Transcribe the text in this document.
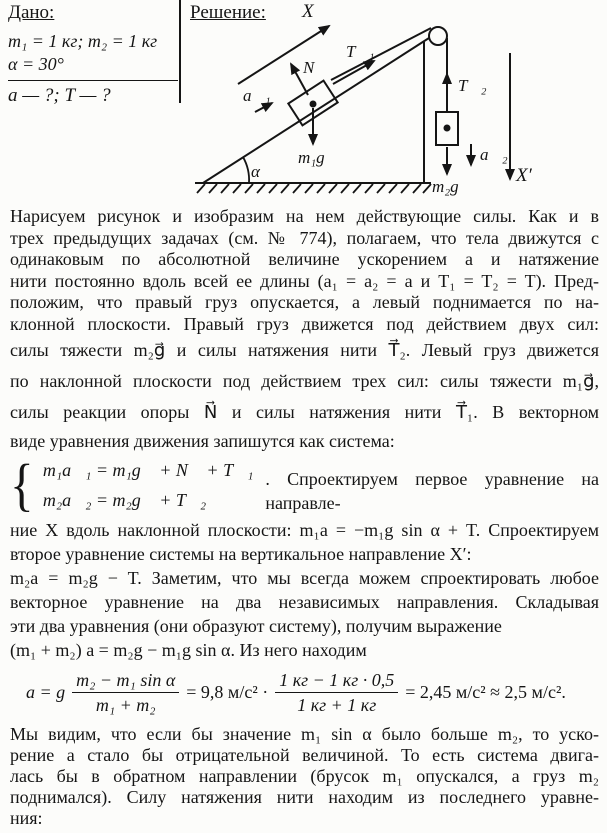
Дано:
m₁ = 1 кг; m₂ = 1 кг
α = 30°
a — ?; T — ?
Решение:
α
X
a⃗₁
N⃗
T⃗₁
m₁g⃗
T⃗₂
m₂g⃗
a⃗₂
X′
Нарисуем рисунок и изобразим на нем действующие силы. Как и в
трех предыдущих задачах (см. № 774), полагаем, что тела движутся с
одинаковым по абсолютной величине ускорением a и натяжение
нити постоянно вдоль всей ее длины (a₁ = a₂ = a и T₁ = T₂ = T). Пред-
положим, что правый груз опускается, а левый поднимается по на-
клонной плоскости. Правый груз движется под действием двух сил:
силы тяжести m₂g⃗ и силы натяжения нити T⃗₂. Левый груз движется
по наклонной плоскости под действием трех сил: силы тяжести m₁g⃗,
силы реакции опоры N⃗ и силы натяжения нити T⃗₁. В векторном
виде уравнения движения запишутся как система:
{ m₁a⃗₁ = m₁g⃗ + N⃗ + T⃗₁
m₂a⃗₂ = m₂g⃗ + T⃗₂
. Спроектируем первое уравнение на направле-
ние X вдоль наклонной плоскости: m₁a = −m₁g sin α + T. Спроектируем
второе уравнение системы на вертикальное направление X′:
m₂a = m₂g − T. Заметим, что мы всегда можем спроектировать любое
векторное уравнение на два независимых направления. Складывая
эти два уравнения (они образуют систему), получим выражение
(m₁ + m₂) a = m₂g − m₁g sin α. Из него находим
a = g $\frac{\text{m₂ − m₁ sin α}}{\text{m₁ + m₂}} = 9,8$ $м/с^2 \cdot \frac{1 кг - 1 кг \cdot 0,5}{1 кг + 1 кг} = 2,45$ м/с² ≈ 2,5 м/с².
Мы видим, что если бы значение m₁ sin α было больше m₂, то уско-
рение a стало бы отрицательной величиной. То есть система двига-
лась бы в обратном направлении (брусок m₁ опускался, а груз m₂
поднимался). Силу натяжения нити находим из последнего уравне-
ния:
